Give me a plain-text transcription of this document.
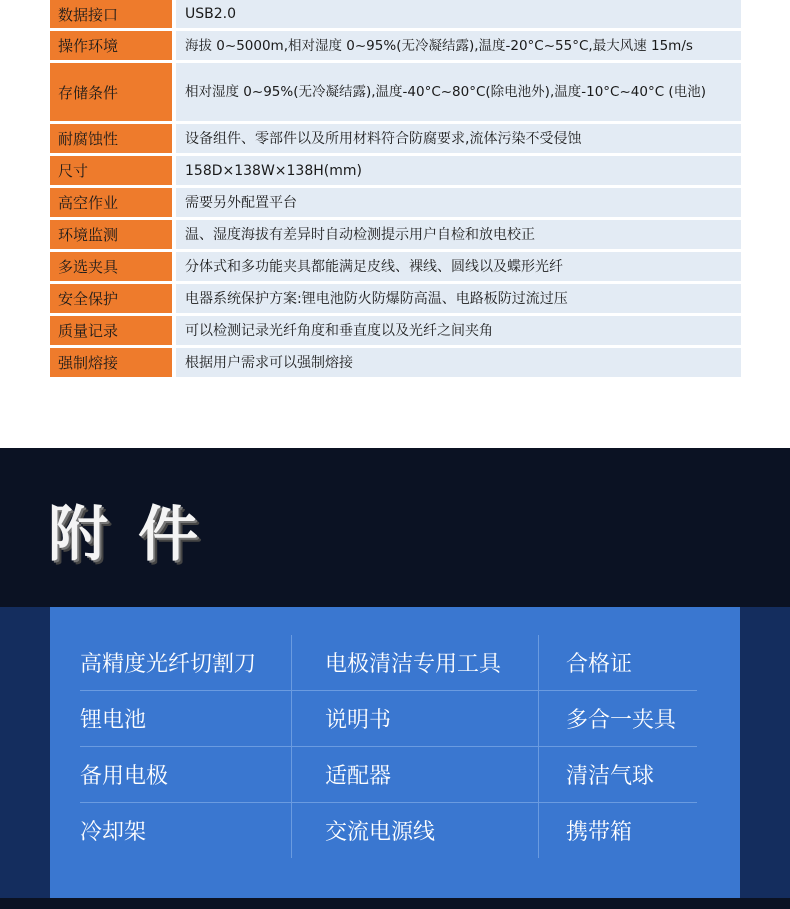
数据接口	USB2.0
操作环境	海拔 0~5000m,相对湿度 0~95%(无冷凝结露),温度-20°C~55°C,最大风速 15m/s
存储条件	相对湿度 0~95%(无冷凝结露),温度-40°C~80°C(除电池外),温度-10°C~40°C (电池)
耐腐蚀性	设备组件、零部件以及所用材料符合防腐要求,流体污染不受侵蚀
尺寸	158D×138W×138H(mm)
高空作业	需要另外配置平台
环境监测	温、湿度海拔有差异时自动检测提示用户自检和放电校正
多选夹具	分体式和多功能夹具都能满足皮线、裸线、圆线以及蝶形光纤
安全保护	电器系统保护方案:锂电池防火防爆防高温、电路板防过流过压
质量记录	可以检测记录光纤角度和垂直度以及光纤之间夹角
强制熔接	根据用户需求可以强制熔接
附件
高精度光纤切割刀	电极清洁专用工具	合格证
锂电池	说明书	多合一夹具
备用电极	适配器	清洁气球
冷却架	交流电源线	携带箱
